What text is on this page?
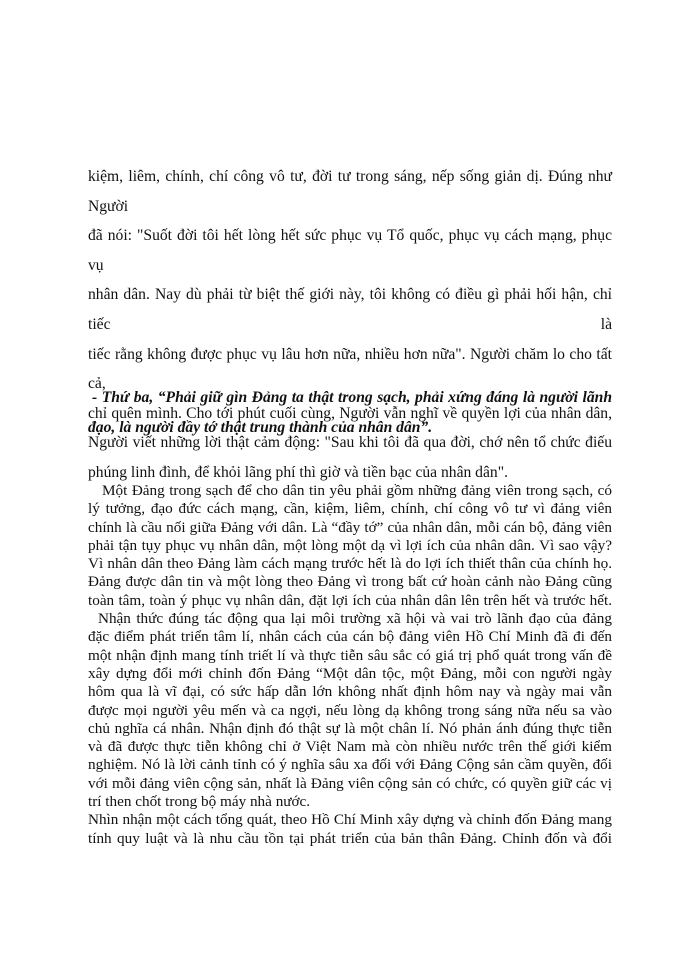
kiệm, liêm, chính, chí công vô tư, đời tư trong sáng, nếp sống giản dị. Đúng như Người

đã nói: "Suốt đời tôi hết lòng hết sức phục vụ Tổ quốc, phục vụ cách mạng, phục vụ

nhân dân. Nay dù phải từ biệt thế giới này, tôi không có điều gì phải hối hận, chỉ tiếc là

tiếc rằng không được phục vụ lâu hơn nữa, nhiều hơn nữa". Người chăm lo cho tất cả,

chỉ quên mình. Cho tới phút cuối cùng, Người vẫn nghĩ về quyền lợi của nhân dân,

Người viết những lời thật cảm động: "Sau khi tôi đã qua đời, chớ nên tổ chức điếu

phúng linh đình, để khỏi lãng phí thì giờ và tiền bạc của nhân dân".

- Thứ ba, “Phải giữ gìn Đảng ta thật trong sạch, phải xứng đáng là người lãnh

đạo, là người đầy tớ thật trung thành của nhân dân”.

Một Đảng trong sạch để cho dân tin yêu phải gồm những đảng viên trong sạch, có
lý tưởng, đạo đức cách mạng, cần, kiệm, liêm, chính, chí công vô tư vì đảng viên
chính là cầu nối giữa Đảng với dân. Là “đầy tớ” của nhân dân, mỗi cán bộ, đảng viên
phải tận tụy phục vụ nhân dân, một lòng một dạ vì lợi ích của nhân dân. Vì sao vậy?
Vì nhân dân theo Đảng làm cách mạng trước hết là do lợi ích thiết thân của chính họ.
Đảng được dân tin và một lòng theo Đảng vì trong bất cứ hoàn cảnh nào Đảng cũng
toàn tâm, toàn ý phục vụ nhân dân, đặt lợi ích của nhân dân lên trên hết và trước hết.
Nhận thức đúng tác động qua lại môi trường xã hội và vai trò lãnh đạo của đảng
đặc điểm phát triển tâm lí, nhân cách của cán bộ đảng viên Hồ Chí Minh đã đi đến
một nhận định mang tính triết lí và thực tiễn sâu sắc có giá trị phổ quát trong vấn đề
xây dựng đổi mới chỉnh đốn Đảng “Một dân tộc, một Đảng, mỗi con người ngày
hôm qua là vĩ đại, có sức hấp dẫn lớn không nhất định hôm nay và ngày mai vẫn
được mọi người yêu mến và ca ngợi, nếu lòng dạ không trong sáng nữa nếu sa vào
chủ nghĩa cá nhân. Nhận định đó thật sự là một chân lí. Nó phản ánh đúng thực tiễn
và đã được thực tiễn không chỉ ở Việt Nam mà còn nhiều nước trên thế giới kiểm
nghiệm. Nó là lời cảnh tỉnh có ý nghĩa sâu xa đối với Đảng Cộng sản cầm quyền, đối
với mỗi đảng viên cộng sản, nhất là Đảng viên cộng sản có chức, có quyền giữ các vị
trí then chốt trong bộ máy nhà nước.
Nhìn nhận một cách tổng quát, theo Hồ Chí Minh xây dựng và chỉnh đốn Đảng mang
tính quy luật và là nhu cầu tồn tại phát triển của bản thân Đảng. Chỉnh đốn và đổi
